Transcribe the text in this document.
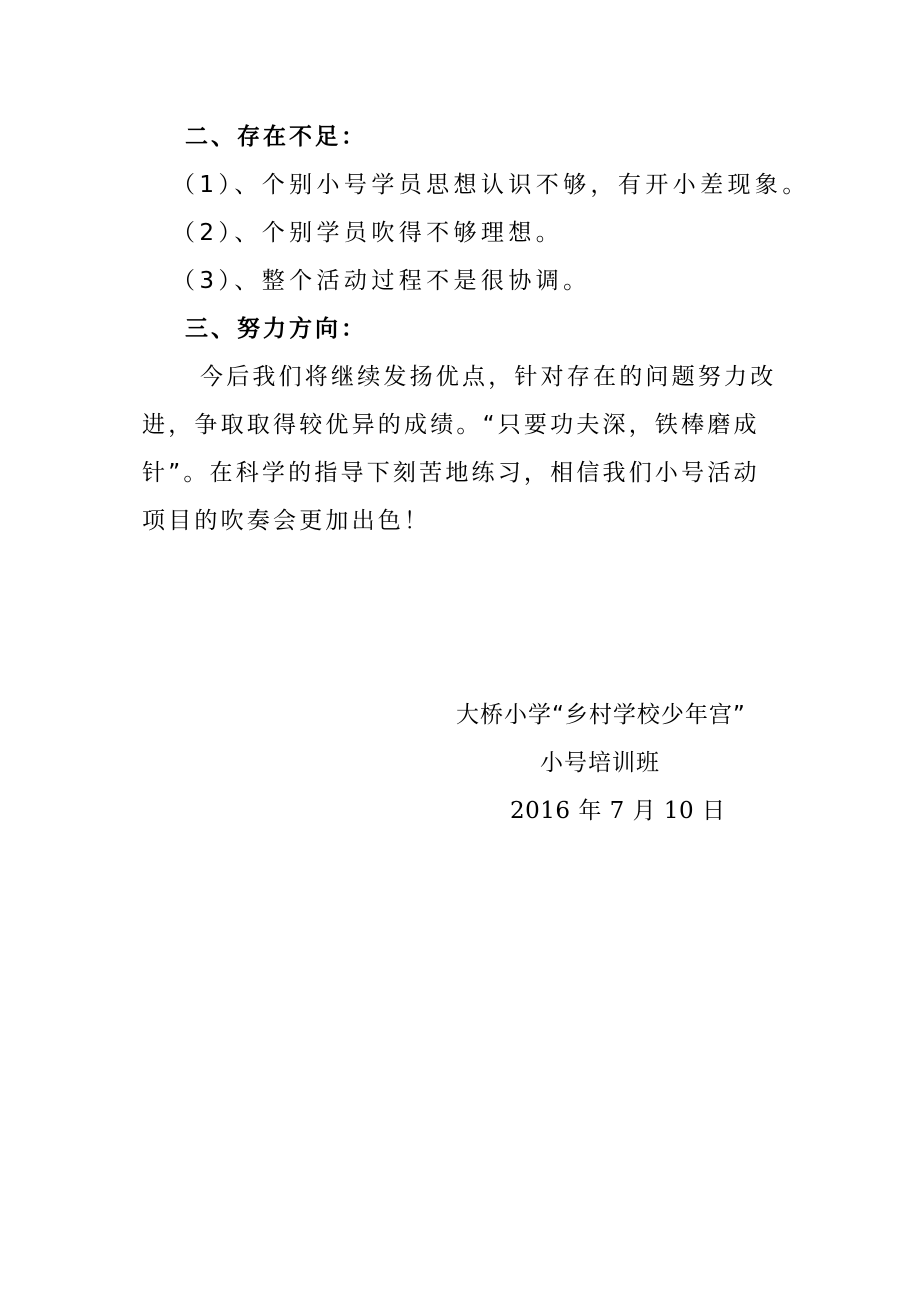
二、存在不足：
（1）、个别小号学员思想认识不够，有开小差现象。
（2）、个别学员吹得不够理想。
（3）、整个活动过程不是很协调。
三、努力方向：
今后我们将继续发扬优点，针对存在的问题努力改
进，争取取得较优异的成绩。“只要功夫深，铁棒磨成
针”。在科学的指导下刻苦地练习，相信我们小号活动
项目的吹奏会更加出色！
大桥小学“乡村学校少年宫”
小号培训班
2016 年 7 月 10 日
